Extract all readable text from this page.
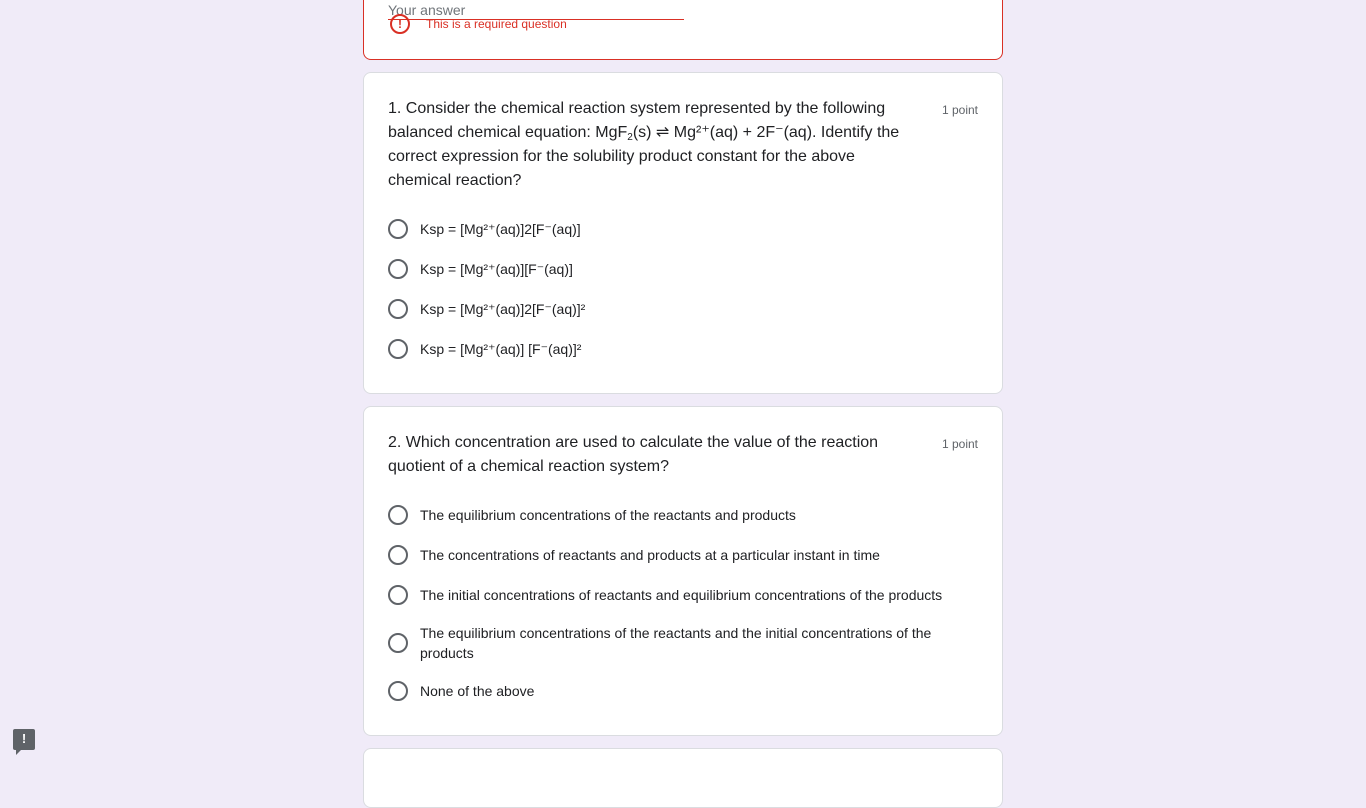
Your answer
!	This is a required question
1. Consider the chemical reaction system represented by the following balanced chemical equation: MgF$_2$(s) ⇌ Mg²⁺(aq) + 2F⁻(aq). Identify the correct expression for the solubility product constant for the above chemical reaction?
1 point
Ksp = [Mg²⁺(aq)]2[F⁻(aq)]
Ksp = [Mg²⁺(aq)][F⁻(aq)]
Ksp = [Mg²⁺(aq)]2[F⁻(aq)]²
Ksp = [Mg²⁺(aq)] [F⁻(aq)]²
2. Which concentration are used to calculate the value of the reaction quotient of a chemical reaction system?
1 point
The equilibrium concentrations of the reactants and products
The concentrations of reactants and products at a particular instant in time
The initial concentrations of reactants and equilibrium concentrations of the products
The equilibrium concentrations of the reactants and the initial concentrations of the products
None of the above
!
